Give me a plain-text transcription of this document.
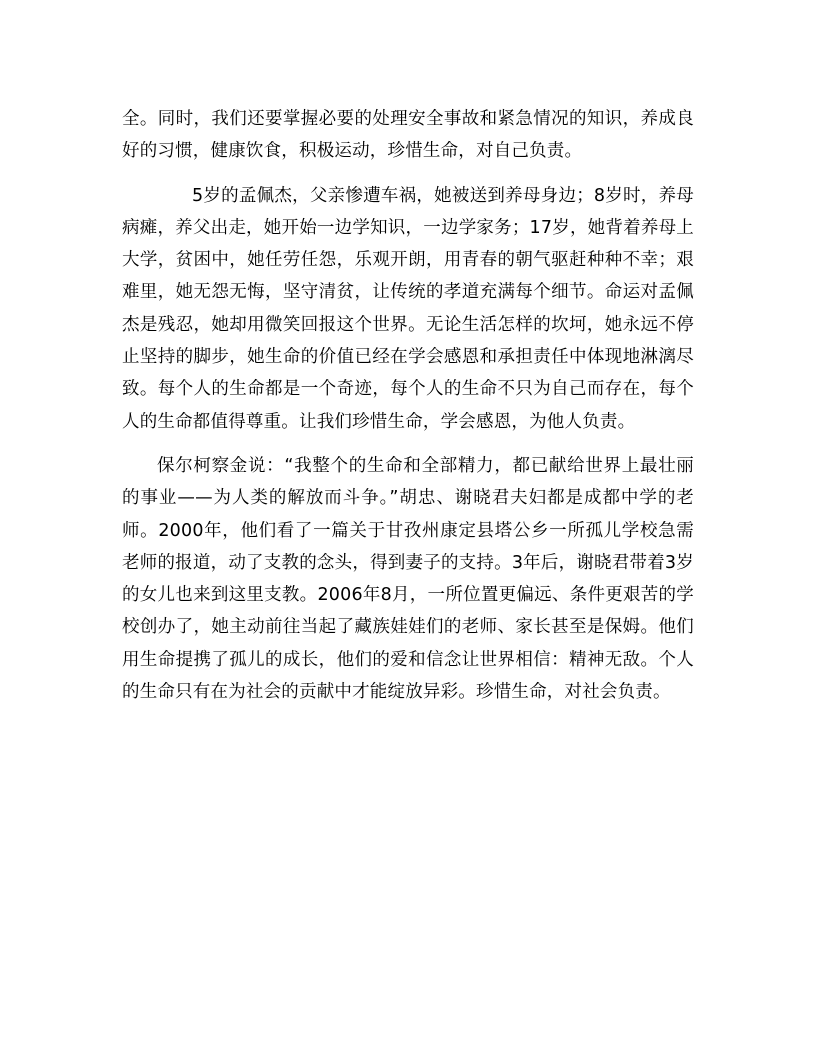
全。同时，我们还要掌握必要的处理安全事故和紧急情况的知识，养成良好的习惯，健康饮食，积极运动，珍惜生命，对自己负责。

5岁的孟佩杰，父亲惨遭车祸，她被送到养母身边；8岁时，养母病瘫，养父出走，她开始一边学知识，一边学家务；17岁，她背着养母上大学，贫困中，她任劳任怨，乐观开朗，用青春的朝气驱赶种种不幸；艰难里，她无怨无悔，坚守清贫，让传统的孝道充满每个细节。命运对孟佩杰是残忍，她却用微笑回报这个世界。无论生活怎样的坎坷，她永远不停止坚持的脚步，她生命的价值已经在学会感恩和承担责任中体现地淋漓尽致。每个人的生命都是一个奇迹，每个人的生命不只为自己而存在，每个人的生命都值得尊重。让我们珍惜生命，学会感恩，为他人负责。

保尔柯察金说：“我整个的生命和全部精力，都已献给世界上最壮丽的事业——为人类的解放而斗争。”胡忠、谢晓君夫妇都是成都中学的老师。2000年，他们看了一篇关于甘孜州康定县塔公乡一所孤儿学校急需老师的报道，动了支教的念头，得到妻子的支持。3年后，谢晓君带着3岁的女儿也来到这里支教。2006年8月，一所位置更偏远、条件更艰苦的学校创办了，她主动前往当起了藏族娃娃们的老师、家长甚至是保姆。他们用生命提携了孤儿的成长，他们的爱和信念让世界相信：精神无敌。个人的生命只有在为社会的贡献中才能绽放异彩。珍惜生命，对社会负责。
